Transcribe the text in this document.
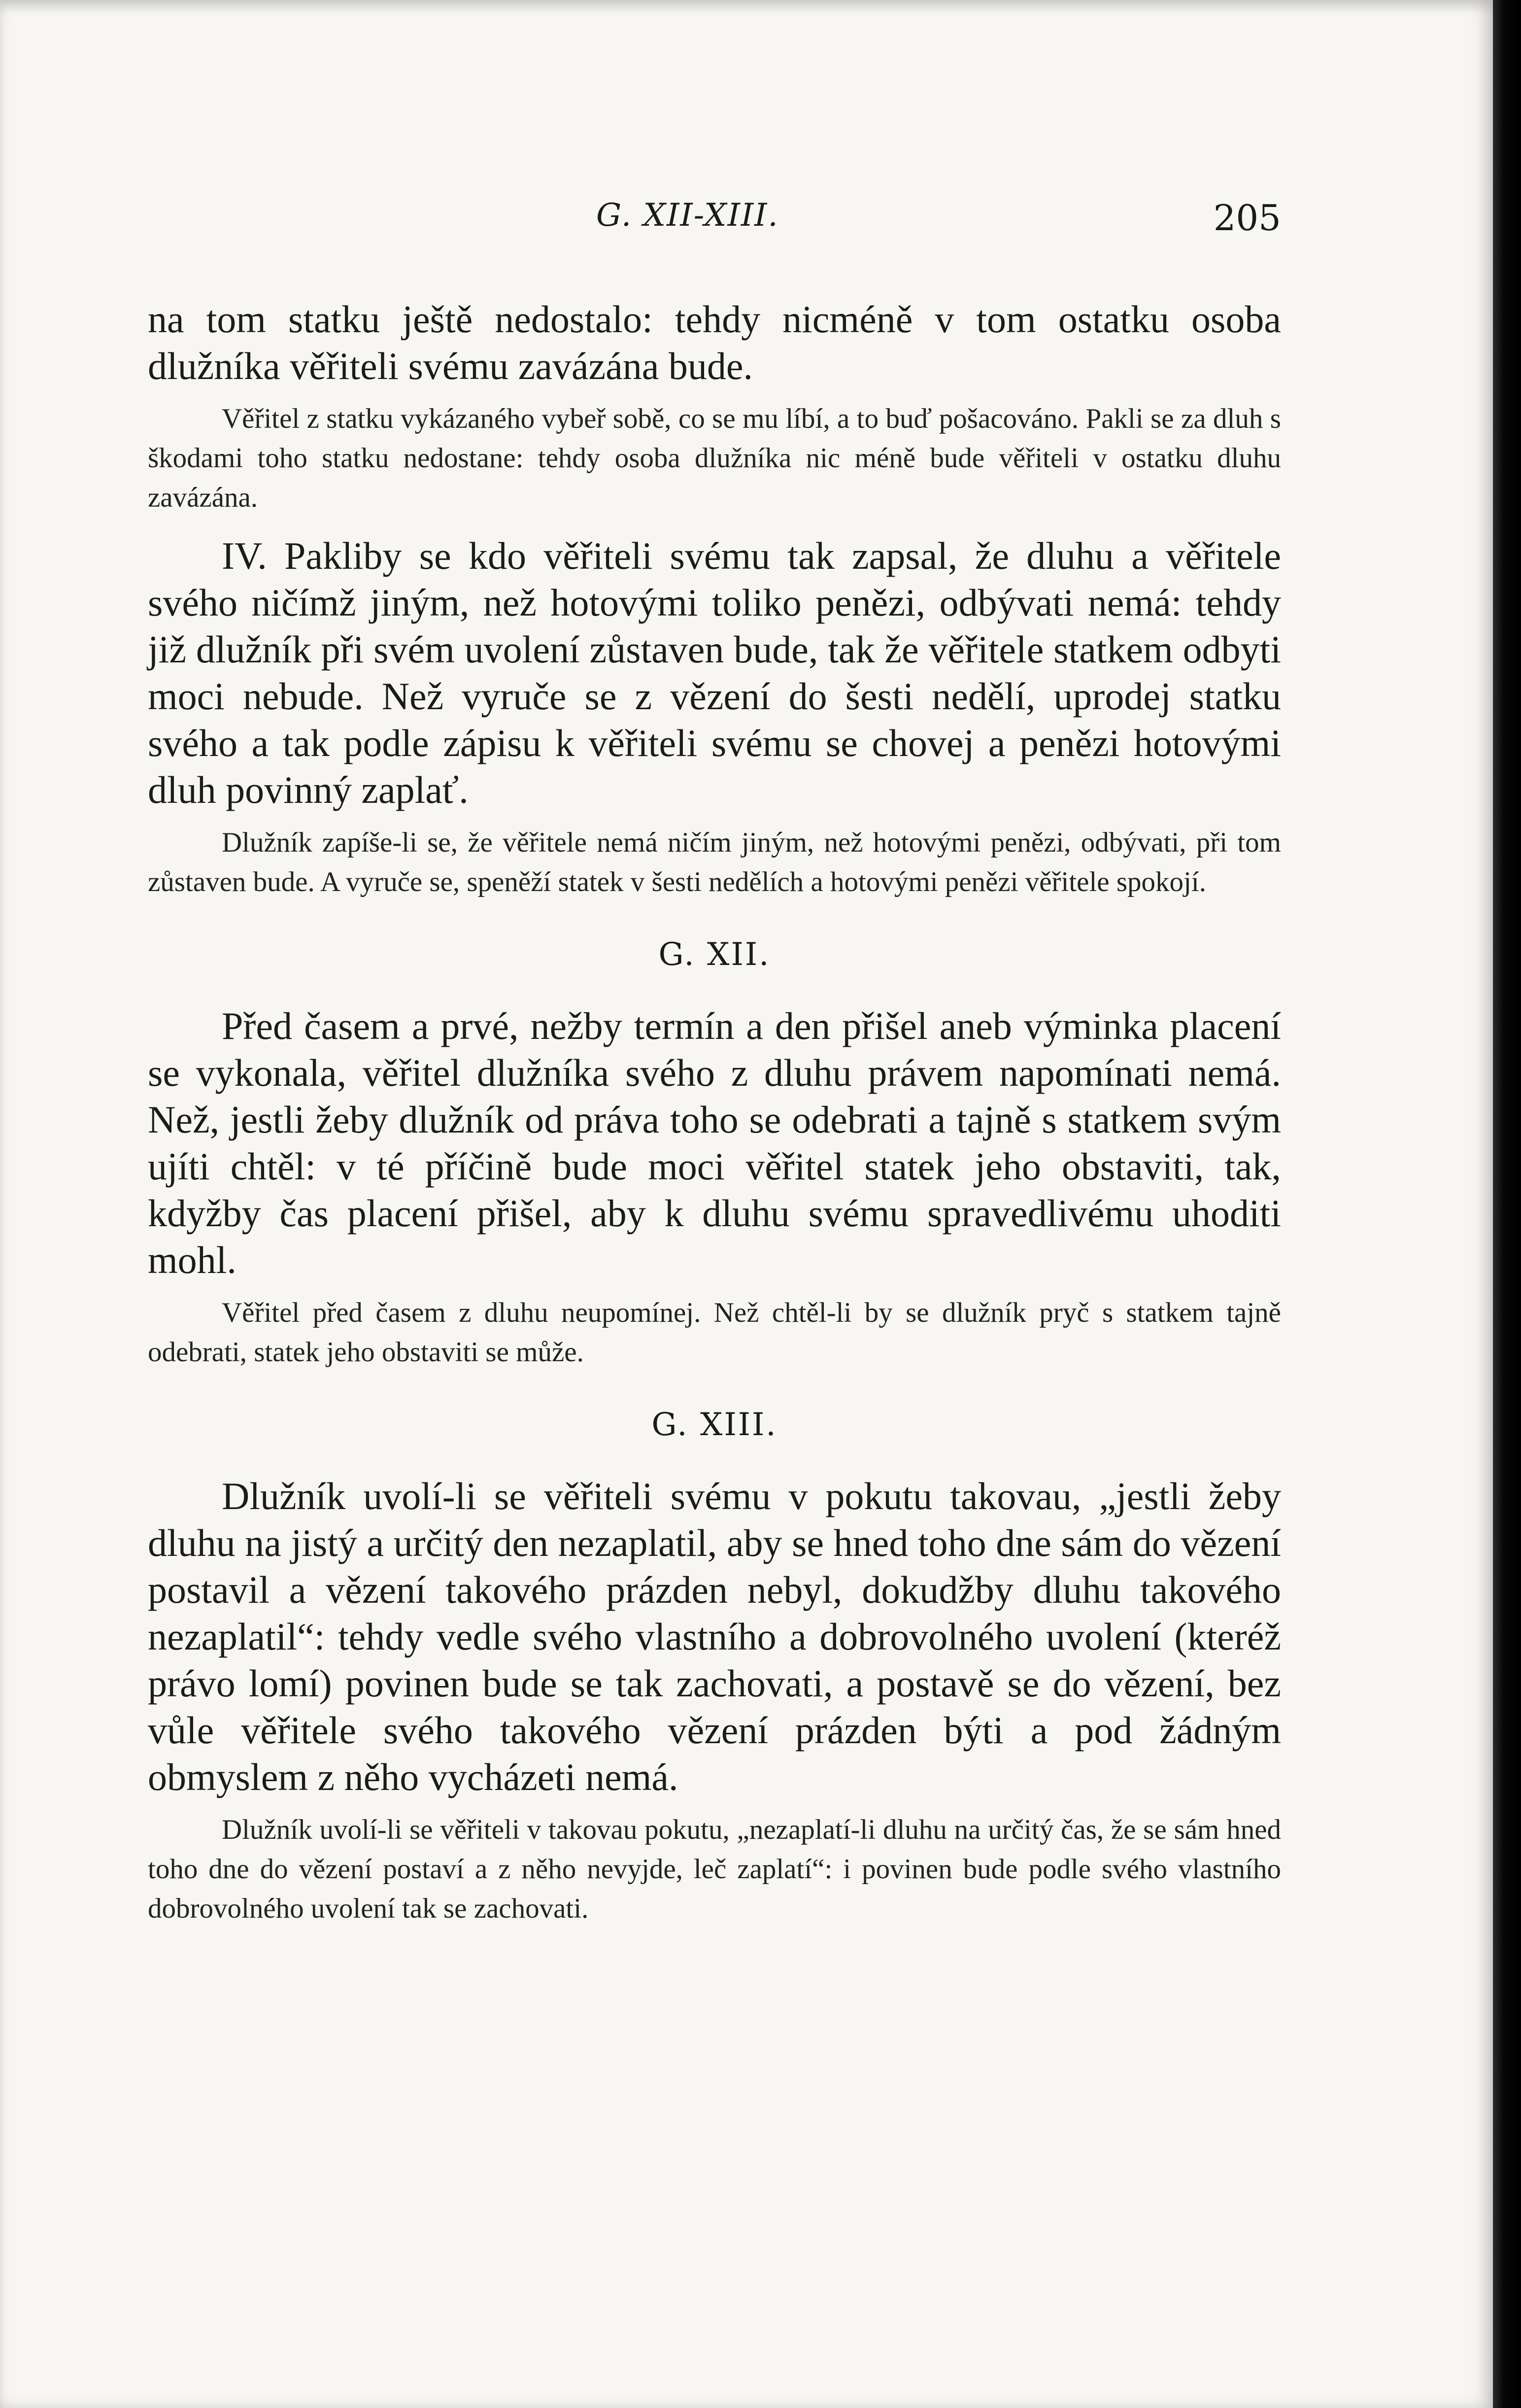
G. XII-XIII.	205

na tom statku ještě nedostalo: tehdy nicméně v tom ostatku osoba dlužníka věřiteli svému zavázána bude.

Věřitel z statku vykázaného vybeř sobě, co se mu líbí, a to buď pošacováno. Pakli se za dluh s škodami toho statku nedostane: tehdy osoba dlužníka nic méně bude věřiteli v ostatku dluhu zavázána.

IV. Pakliby se kdo věřiteli svému tak zapsal, že dluhu a věřitele svého ničímž jiným, než hotovými toliko penězi, odbývati nemá: tehdy již dlužník při svém uvolení zůstaven bude, tak že věřitele statkem odbyti moci nebude. Než vyruče se z vězení do šesti nedělí, uprodej statku svého a tak podle zápisu k věřiteli svému se chovej a penězi hotovými dluh povinný zaplať.

Dlužník zapíše-li se, že věřitele nemá ničím jiným, než hotovými penězi, odbývati, při tom zůstaven bude. A vyruče se, speněží statek v šesti nedělích a hotovými penězi věřitele spokojí.

G. XII.

Před časem a prvé, nežby termín a den přišel aneb výminka placení se vykonala, věřitel dlužníka svého z dluhu právem napomínati nemá. Než, jestli žeby dlužník od práva toho se odebrati a tajně s statkem svým ujíti chtěl: v té příčině bude moci věřitel statek jeho obstaviti, tak, kdyžby čas placení přišel, aby k dluhu svému spravedlivému uhoditi mohl.

Věřitel před časem z dluhu neupomínej. Než chtěl-li by se dlužník pryč s statkem tajně odebrati, statek jeho obstaviti se může.

G. XIII.

Dlužník uvolí-li se věřiteli svému v pokutu takovau, „jestli žeby dluhu na jistý a určitý den nezaplatil, aby se hned toho dne sám do vězení postavil a vězení takového prázden nebyl, dokudžby dluhu takového nezaplatil“: tehdy vedle svého vlastního a dobrovolného uvolení (kteréž právo lomí) povinen bude se tak zachovati, a postavě se do vězení, bez vůle věřitele svého takového vězení prázden býti a pod žádným obmyslem z něho vycházeti nemá.

Dlužník uvolí-li se věřiteli v takovau pokutu, „nezaplatí-li dluhu na určitý čas, že se sám hned toho dne do vězení postaví a z něho nevyjde, leč zaplatí“: i povinen bude podle svého vlastního dobrovolného uvolení tak se zachovati.
